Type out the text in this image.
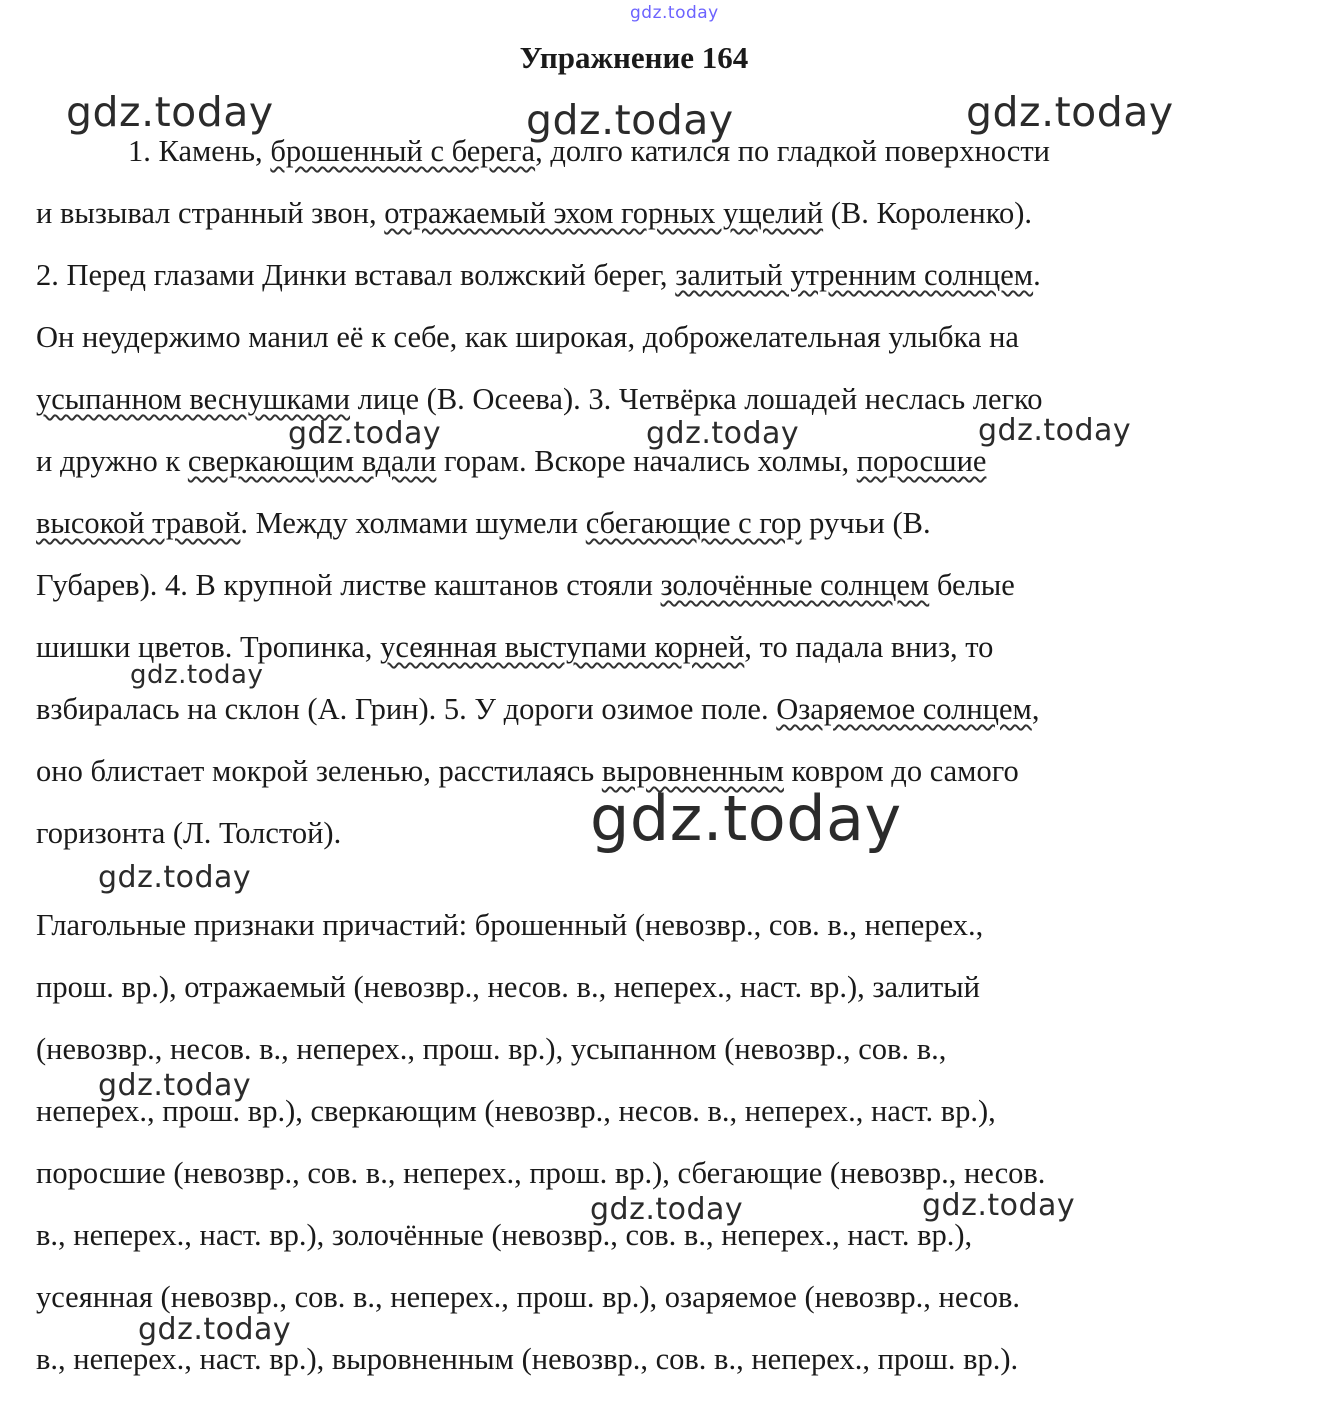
gdz.today
gdz.today	gdz.today	gdz.today
gdz.today	gdz.today	gdz.today
gdz.today
gdz.today
gdz.today
gdz.today
gdz.today	gdz.today
gdz.today
Упражнение 164
1. Камень, брошенный с берега, долго катился по гладкой поверхности
и вызывал странный звон, отражаемый эхом горных ущелий (В. Короленко).
2. Перед глазами Динки вставал волжский берег, залитый утренним солнцем.
Он неудержимо манил её к себе, как широкая, доброжелательная улыбка на
усыпанном веснушками лице (В. Осеева). 3. Четвёрка лошадей неслась легко
и дружно к сверкающим вдали горам. Вскоре начались холмы, поросшие
высокой травой. Между холмами шумели сбегающие с гор ручьи (В.
Губарев). 4. В крупной листве каштанов стояли золочённые солнцем белые
шишки цветов. Тропинка, усеянная выступами корней, то падала вниз, то
взбиралась на склон (А. Грин). 5. У дороги озимое поле. Озаряемое солнцем,
оно блистает мокрой зеленью, расстилаясь выровненным ковром до самого
горизонта (Л. Толстой).
Глагольные признаки причастий: брошенный (невозвр., сов. в., неперех.,
прош. вр.), отражаемый (невозвр., несов. в., неперех., наст. вр.), залитый
(невозвр., несов. в., неперех., прош. вр.), усыпанном (невозвр., сов. в.,
неперех., прош. вр.), сверкающим (невозвр., несов. в., неперех., наст. вр.),
поросшие (невозвр., сов. в., неперех., прош. вр.), сбегающие (невозвр., несов.
в., неперех., наст. вр.), золочённые (невозвр., сов. в., неперех., наст. вр.),
усеянная (невозвр., сов. в., неперех., прош. вр.), озаряемое (невозвр., несов.
в., неперех., наст. вр.), выровненным (невозвр., сов. в., неперех., прош. вр.).
